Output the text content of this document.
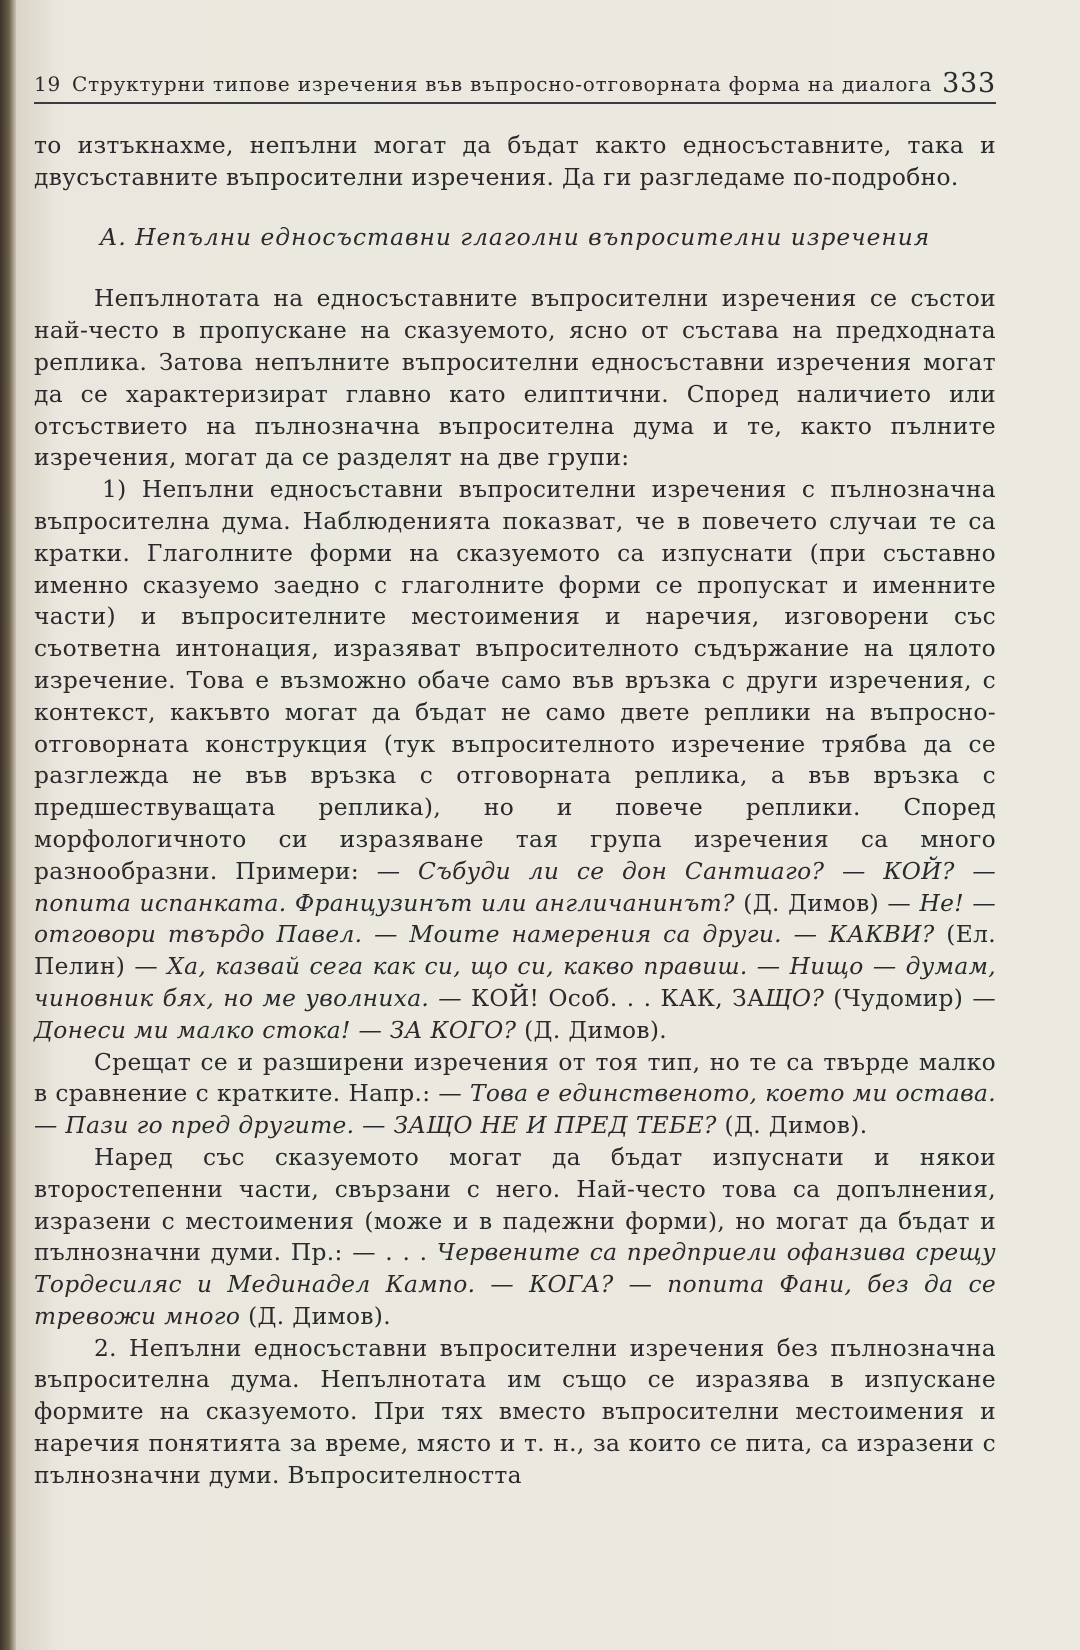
19 Структурни типове изречения във въпросно-отговорната форма на диалога 333

то изтъкнахме, непълни могат да бъдат както едносъставните, така и двусъставните въпросителни изречения. Да ги разгледаме по-подробно.

А. Непълни едносъставни глаголни въпросителни изречения

Непълнотата на едносъставните въпросителни изречения се състои най-често в пропускане на сказуемото, ясно от състава на предходната реплика. Затова непълните въпросителни едносъставни изречения могат да се характеризират главно като елиптични. Според наличието или отсъствието на пълнозначна въпросителна дума и те, както пълните изречения, могат да се разделят на две групи:

1) Непълни едносъставни въпросителни изречения с пълнозначна въпросителна дума. Наблюденията показват, че в повечето случаи те са кратки. Глаголните форми на сказуемото са изпуснати (при съставно именно сказуемо заедно с глаголните форми се пропускат и именните части) и въпросителните местоимения и наречия, изговорени със съответна интонация, изразяват въпросителното съдържание на цялото изречение. Това е възможно обаче само във връзка с други изречения, с контекст, какъвто могат да бъдат не само двете реплики на въпросно-отговорната конструкция (тук въпросителното изречение трябва да се разглежда не във връзка с отговорната реплика, а във връзка с предшествуващата реплика), но и повече реплики. Според морфологичното си изразяване тая група изречения са много разнообразни. Примери: — Събуди ли се дон Сантиаго? — КОЙ? — попита испанката. Французинът или англичанинът? (Д. Димов) — Не! — отговори твърдо Павел. — Моите намерения са други. — КАКВИ? (Ел. Пелин) — Ха, казвай сега как си, що си, какво правиш. — Нищо — думам, чиновник бях, но ме уволниха. — КОЙ! Особ. . . КАК, ЗАЩО? (Чудомир) — Донеси ми малко стока! — ЗА КОГО? (Д. Димов).

Срещат се и разширени изречения от тоя тип, но те са твърде малко в сравнение с кратките. Напр.: — Това е единственото, което ми остава. — Пази го пред другите. — ЗАЩО НЕ И ПРЕД ТЕБЕ? (Д. Димов).

Наред със сказуемото могат да бъдат изпуснати и някои второстепенни части, свързани с него. Най-често това са допълнения, изразени с местоимения (може и в падежни форми), но могат да бъдат и пълнозначни думи. Пр.: — . . . Червените са предприели офанзива срещу Тордесиляс и Мединадел Кампо. — КОГА? — попита Фани, без да се тревожи много (Д. Димов).

2. Непълни едносъставни въпросителни изречения без пълнозначна въпросителна дума. Непълнотата им също се изразява в изпускане формите на сказуемото. При тях вместо въпросителни местоимения и наречия понятията за време, място и т. н., за които се пита, са изразени с пълнозначни думи. Въпросителността
